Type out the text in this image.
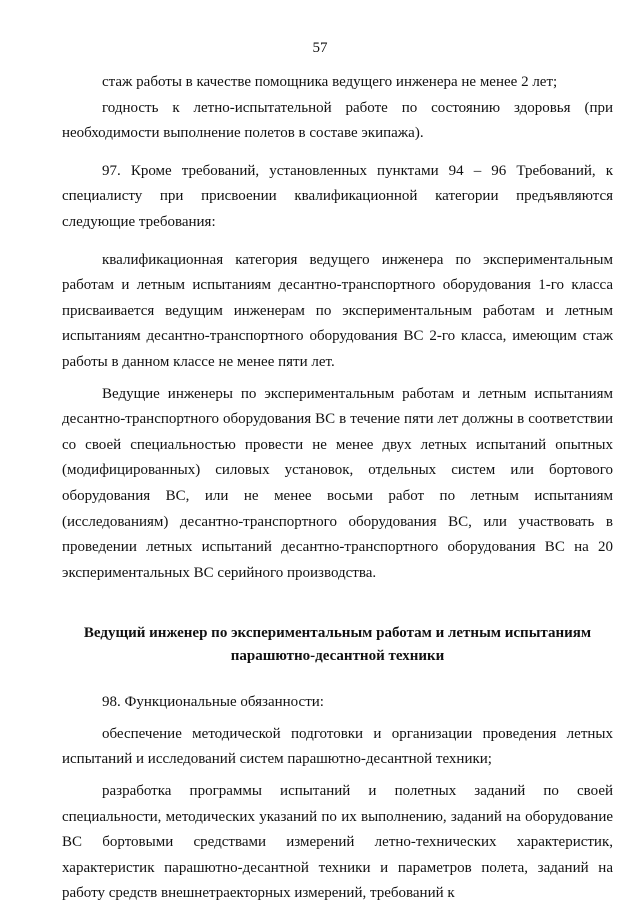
57

стаж работы в качестве помощника ведущего инженера не менее 2 лет;

годность к летно-испытательной работе по состоянию здоровья (при необходимости выполнение полетов в составе экипажа).

97. Кроме требований, установленных пунктами 94 – 96 Требований, к специалисту при присвоении квалификационной категории предъявляются следующие требования:

квалификационная категория ведущего инженера по экспериментальным работам и летным испытаниям десантно-транспортного оборудования 1-го класса присваивается ведущим инженерам по экспериментальным работам и летным испытаниям десантно-транспортного оборудования ВС 2-го класса, имеющим стаж работы в данном классе не менее пяти лет.

Ведущие инженеры по экспериментальным работам и летным испытаниям десантно-транспортного оборудования ВС в течение пяти лет должны в соответствии со своей специальностью провести не менее двух летных испытаний опытных (модифицированных) силовых установок, отдельных систем или бортового оборудования ВС, или не менее восьми работ по летным испытаниям (исследованиям) десантно-транспортного оборудования ВС, или участвовать в проведении летных испытаний десантно-транспортного оборудования ВС на 20 экспериментальных ВС серийного производства.

Ведущий инженер по экспериментальным работам и летным испытаниям
парашютно-десантной техники

98. Функциональные обязанности:

обеспечение методической подготовки и организации проведения летных испытаний и исследований систем парашютно-десантной техники;

разработка программы испытаний и полетных заданий по своей специальности, методических указаний по их выполнению, заданий на оборудование ВС бортовыми средствами измерений летно-технических характеристик, характеристик парашютно-десантной техники и параметров полета, заданий на работу средств внешнетраекторных измерений, требований к
